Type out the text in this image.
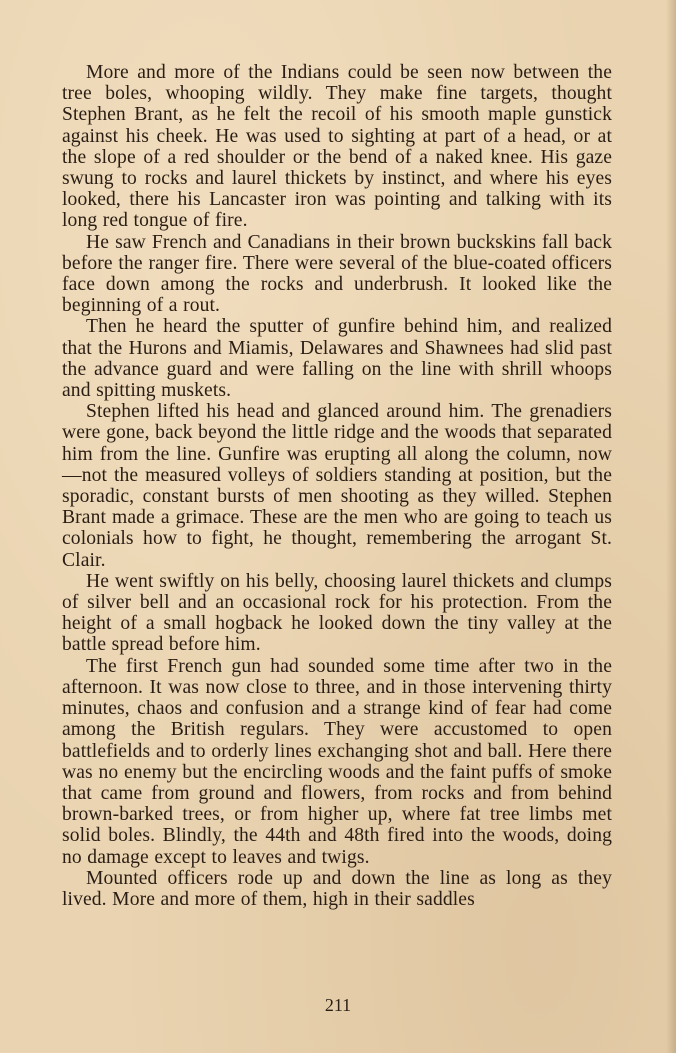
More and more of the Indians could be seen now between the tree boles, whooping wildly. They make fine targets, thought Stephen Brant, as he felt the recoil of his smooth maple gunstick against his cheek. He was used to sighting at part of a head, or at the slope of a red shoulder or the bend of a naked knee. His gaze swung to rocks and laurel thickets by instinct, and where his eyes looked, there his Lancaster iron was pointing and talking with its long red tongue of fire.

He saw French and Canadians in their brown buckskins fall back before the ranger fire. There were several of the blue-coated officers face down among the rocks and underbrush. It looked like the beginning of a rout.

Then he heard the sputter of gunfire behind him, and realized that the Hurons and Miamis, Delawares and Shawnees had slid past the advance guard and were falling on the line with shrill whoops and spitting muskets.

Stephen lifted his head and glanced around him. The grenadiers were gone, back beyond the little ridge and the woods that separated him from the line. Gunfire was erupting all along the column, now—not the measured volleys of soldiers standing at position, but the sporadic, constant bursts of men shooting as they willed. Stephen Brant made a grimace. These are the men who are going to teach us colonials how to fight, he thought, remembering the arrogant St. Clair.

He went swiftly on his belly, choosing laurel thickets and clumps of silver bell and an occasional rock for his protection. From the height of a small hogback he looked down the tiny valley at the battle spread before him.

The first French gun had sounded some time after two in the afternoon. It was now close to three, and in those intervening thirty minutes, chaos and confusion and a strange kind of fear had come among the British regulars. They were accustomed to open battlefields and to orderly lines exchanging shot and ball. Here there was no enemy but the encircling woods and the faint puffs of smoke that came from ground and flowers, from rocks and from behind brown-barked trees, or from higher up, where fat tree limbs met solid boles. Blindly, the 44th and 48th fired into the woods, doing no damage except to leaves and twigs.

Mounted officers rode up and down the line as long as they lived. More and more of them, high in their saddles

211
